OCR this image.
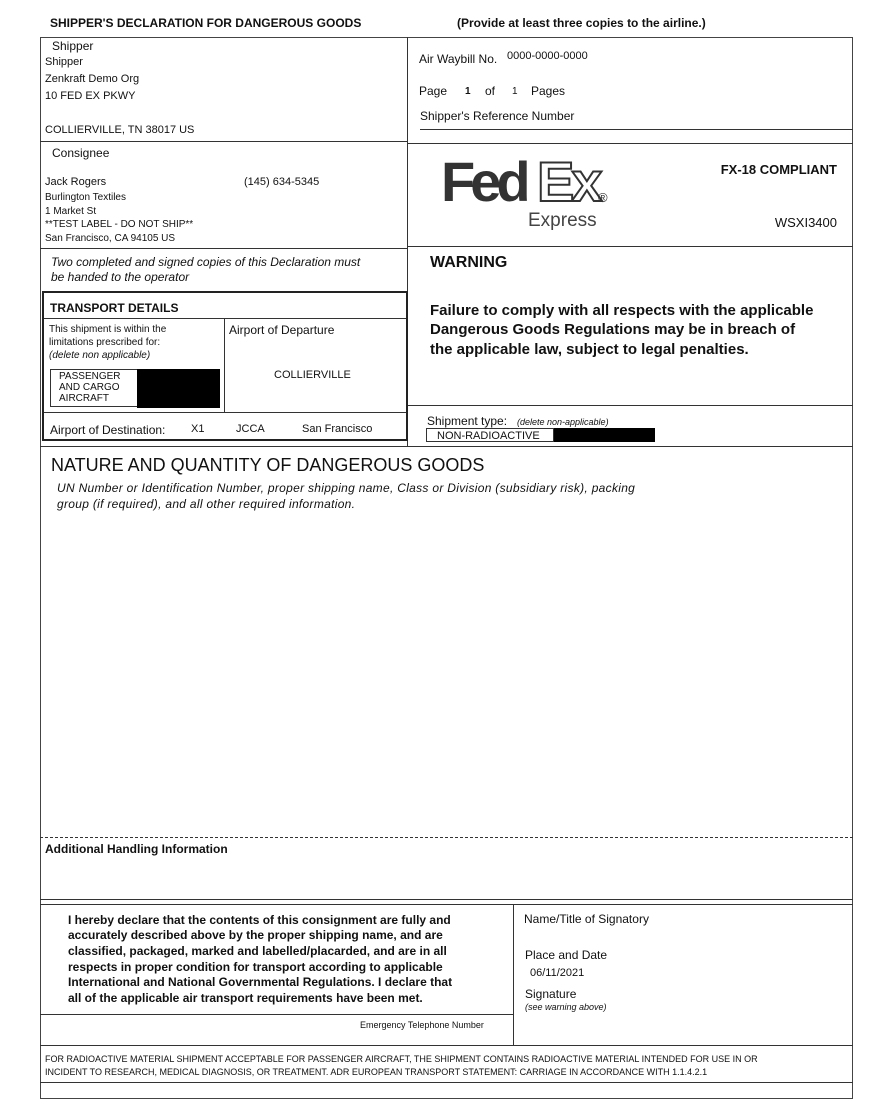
SHIPPER'S DECLARATION FOR DANGEROUS GOODS	(Provide at least three copies to the airline.)
Shipper
Shipper
Zenkraft Demo Org
10 FED EX PKWY
COLLIERVILLE, TN 38017 US
Air Waybill No. 0000-0000-0000
Page 1 of 1 Pages
Shipper's Reference Number
Consignee
Jack Rogers	(145) 634-5345
Burlington Textiles
1 Market St
**TEST LABEL - DO NOT SHIP**
San Francisco, CA 94105 US
Fed Ex
®
Express
FX-18 COMPLIANT
WSXI3400
Two completed and signed copies of this Declaration must
be handed to the operator
WARNING
Failure to comply with all respects with the applicable
Dangerous Goods Regulations may be in breach of
the applicable law, subject to legal penalties.
TRANSPORT DETAILS
This shipment is within the
limitations prescribed for:
(delete non applicable)
PASSENGER
AND CARGO
AIRCRAFT
Airport of Departure
COLLIERVILLE
Airport of Destination: X1	JCCA	San Francisco
Shipment type: (delete non-applicable)
NON-RADIOACTIVE
NATURE AND QUANTITY OF DANGEROUS GOODS
UN Number or Identification Number, proper shipping name, Class or Division (subsidiary risk), packing
group (if required), and all other required information.
Additional Handling Information
I hereby declare that the contents of this consignment are fully and
accurately described above by the proper shipping name, and are
classified, packaged, marked and labelled/placarded, and are in all
respects in proper condition for transport according to applicable
International and National Governmental Regulations. I declare that
all of the applicable air transport requirements have been met.
Emergency Telephone Number
Name/Title of Signatory
Place and Date
06/11/2021
Signature
(see warning above)
FOR RADIOACTIVE MATERIAL SHIPMENT ACCEPTABLE FOR PASSENGER AIRCRAFT, THE SHIPMENT CONTAINS RADIOACTIVE MATERIAL INTENDED FOR USE IN OR
INCIDENT TO RESEARCH, MEDICAL DIAGNOSIS, OR TREATMENT. ADR EUROPEAN TRANSPORT STATEMENT: CARRIAGE IN ACCORDANCE WITH 1.1.4.2.1
